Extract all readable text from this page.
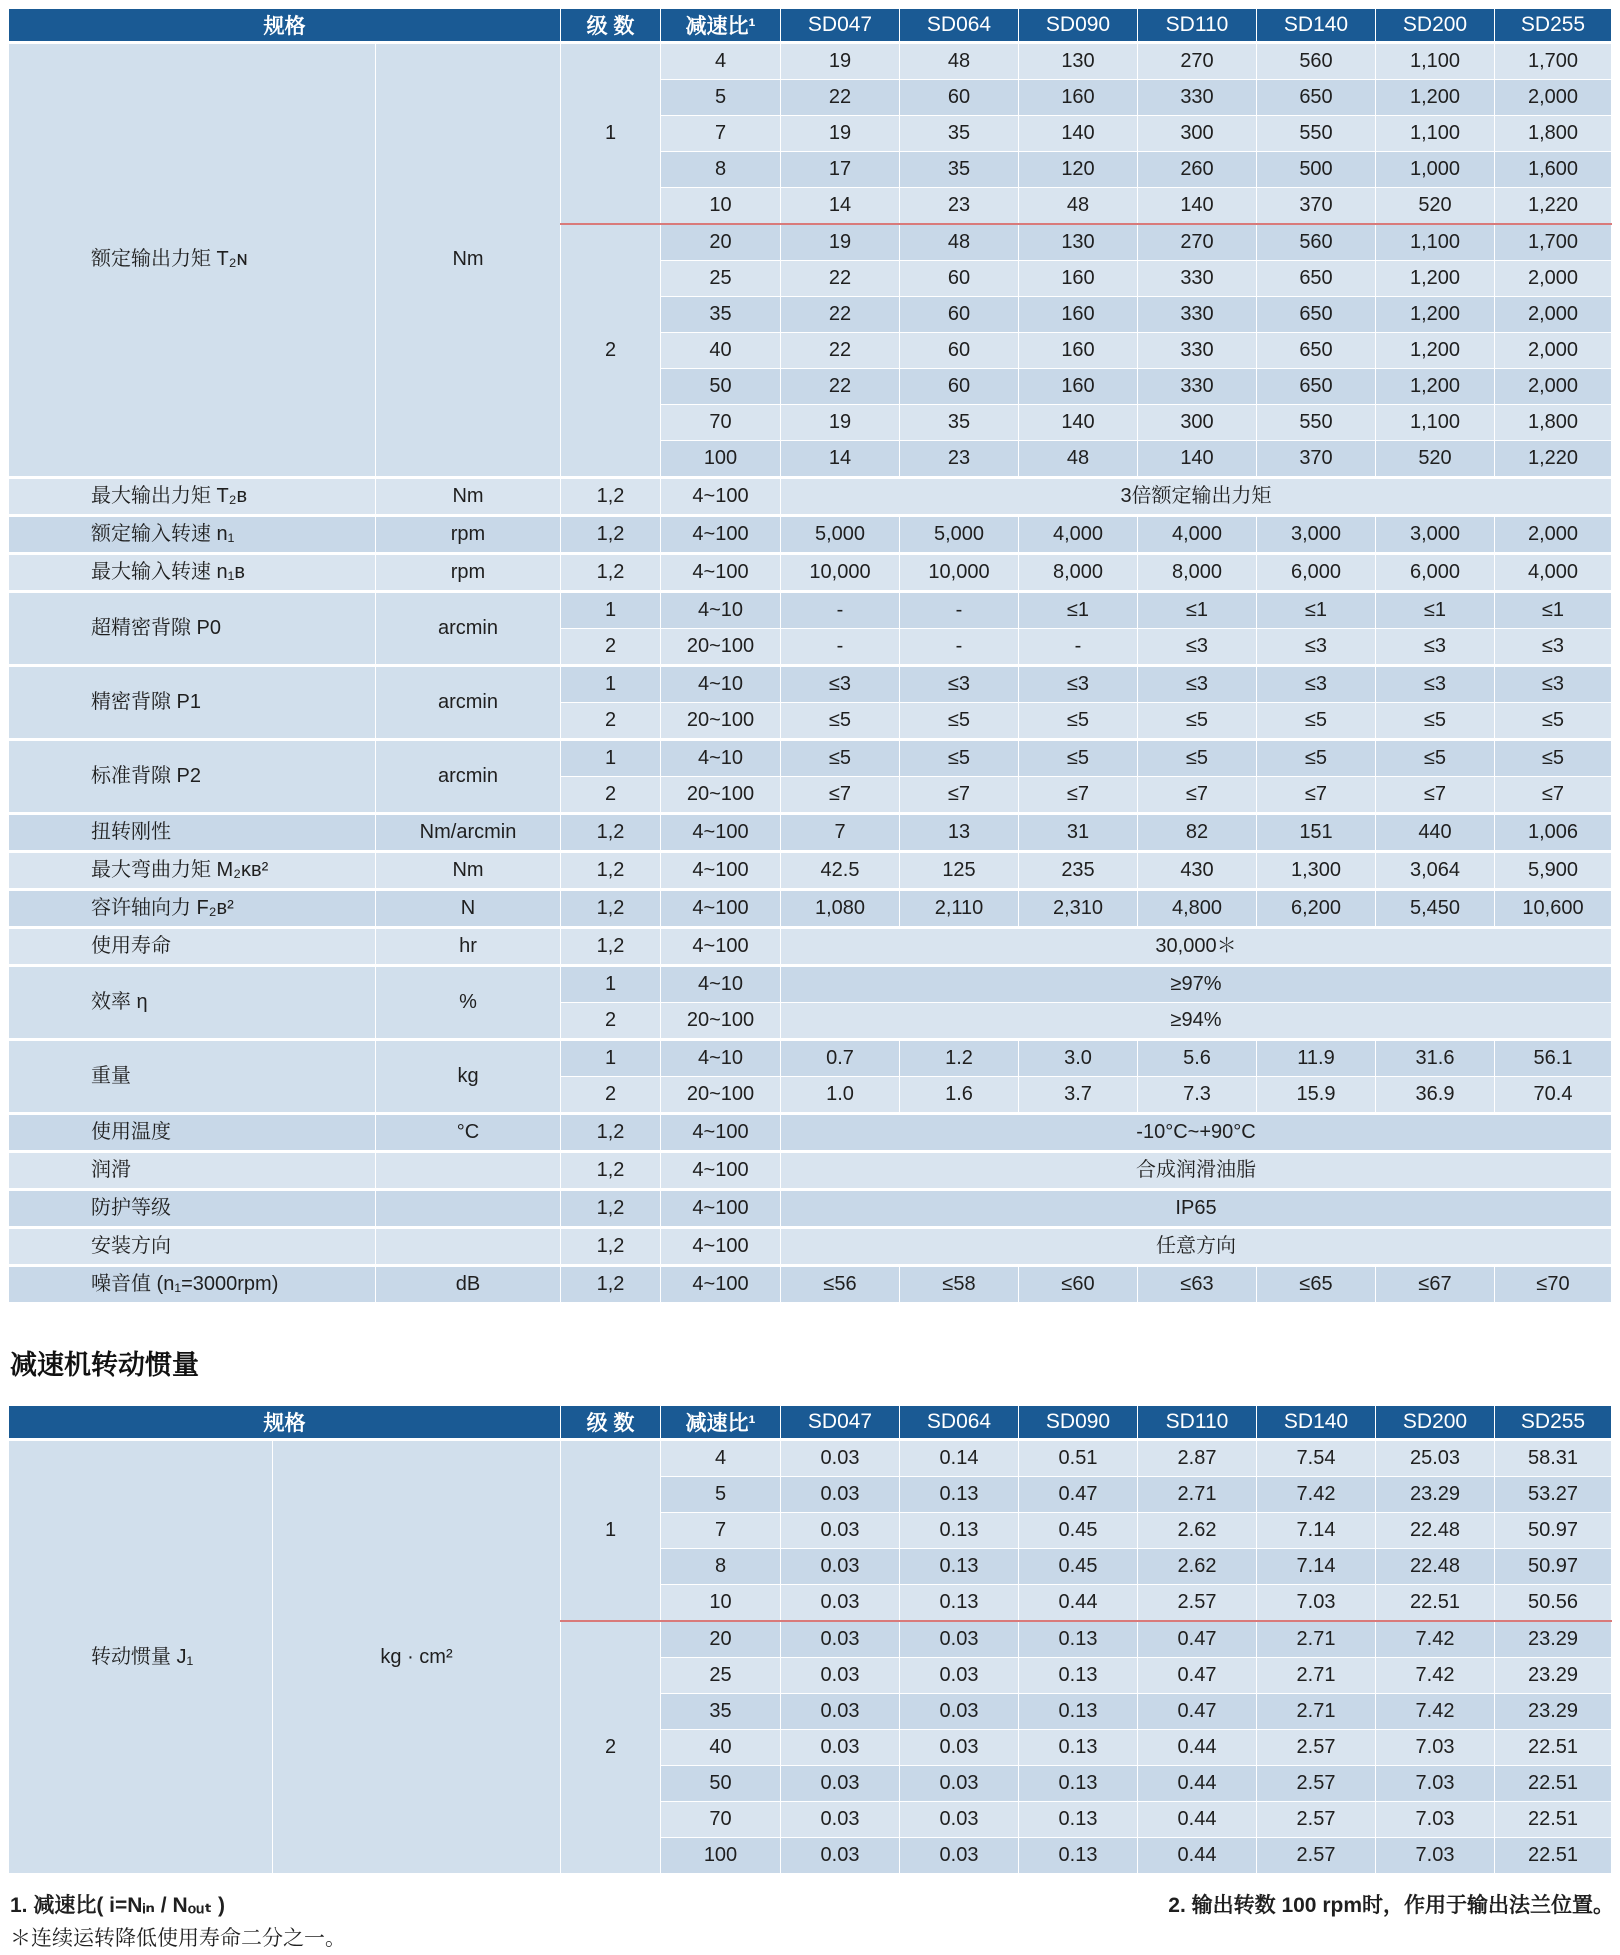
规格		级 数	减速比¹	SD047	SD064	SD090	SD110	SD140	SD200	SD255
额定输出力矩 T₂ɴ	Nm	1	4	19	48	130	270	560	1,100	1,700
			5	22	60	160	330	650	1,200	2,000
			7	19	35	140	300	550	1,100	1,800
			8	17	35	120	260	500	1,000	1,600
			10	14	23	48	140	370	520	1,220
		2	20	19	48	130	270	560	1,100	1,700
			25	22	60	160	330	650	1,200	2,000
			35	22	60	160	330	650	1,200	2,000
			40	22	60	160	330	650	1,200	2,000
			50	22	60	160	330	650	1,200	2,000
			70	19	35	140	300	550	1,100	1,800
			100	14	23	48	140	370	520	1,220
最大输出力矩 T₂ʙ	Nm	1,2	4~100	3倍额定输出力矩						
额定输入转速 n₁	rpm	1,2	4~100	5,000	5,000	4,000	4,000	3,000	3,000	2,000
最大输入转速 n₁ʙ	rpm	1,2	4~100	10,000	10,000	8,000	8,000	6,000	6,000	4,000
超精密背隙 P0	arcmin	1	4~10	-	-	≤1	≤1	≤1	≤1	≤1
		2	20~100	-	-	-	≤3	≤3	≤3	≤3
精密背隙 P1	arcmin	1	4~10	≤3	≤3	≤3	≤3	≤3	≤3	≤3
		2	20~100	≤5	≤5	≤5	≤5	≤5	≤5	≤5
标准背隙 P2	arcmin	1	4~10	≤5	≤5	≤5	≤5	≤5	≤5	≤5
		2	20~100	≤7	≤7	≤7	≤7	≤7	≤7	≤7
扭转刚性	Nm/arcmin	1,2	4~100	7	13	31	82	151	440	1,006
最大弯曲力矩 M₂ᴋʙ²	Nm	1,2	4~100	42.5	125	235	430	1,300	3,064	5,900
容许轴向力 F₂ʙ²	N	1,2	4~100	1,080	2,110	2,310	4,800	6,200	5,450	10,600
使用寿命	hr	1,2	4~100	30,000＊						
效率 η	%	1	4~10	≥97%						
		2	20~100	≥94%						
重量	kg	1	4~10	0.7	1.2	3.0	5.6	11.9	31.6	56.1
		2	20~100	1.0	1.6	3.7	7.3	15.9	36.9	70.4
使用温度	°C	1,2	4~100	-10°C~+90°C						
润滑		1,2	4~100	合成润滑油脂						
防护等级		1,2	4~100	IP65						
安装方向		1,2	4~100	任意方向						
噪音值 (n₁=3000rpm)	dB	1,2	4~100	≤56	≤58	≤60	≤63	≤65	≤67	≤70
减速机转动惯量
规格		级 数	减速比¹	SD047	SD064	SD090	SD110	SD140	SD200	SD255
转动惯量 J₁	kg · cm²	1	4	0.03	0.14	0.51	2.87	7.54	25.03	58.31
			5	0.03	0.13	0.47	2.71	7.42	23.29	53.27
			7	0.03	0.13	0.45	2.62	7.14	22.48	50.97
			8	0.03	0.13	0.45	2.62	7.14	22.48	50.97
			10	0.03	0.13	0.44	2.57	7.03	22.51	50.56
		2	20	0.03	0.03	0.13	0.47	2.71	7.42	23.29
			25	0.03	0.03	0.13	0.47	2.71	7.42	23.29
			35	0.03	0.03	0.13	0.47	2.71	7.42	23.29
			40	0.03	0.03	0.13	0.44	2.57	7.03	22.51
			50	0.03	0.03	0.13	0.44	2.57	7.03	22.51
			70	0.03	0.03	0.13	0.44	2.57	7.03	22.51
			100	0.03	0.03	0.13	0.44	2.57	7.03	22.51
1. 减速比( i=Nᵢₙ / Nₒᵤₜ )
＊连续运转降低使用寿命二分之一。
2. 输出转数 100 rpm时，作用于输出法兰位置。
